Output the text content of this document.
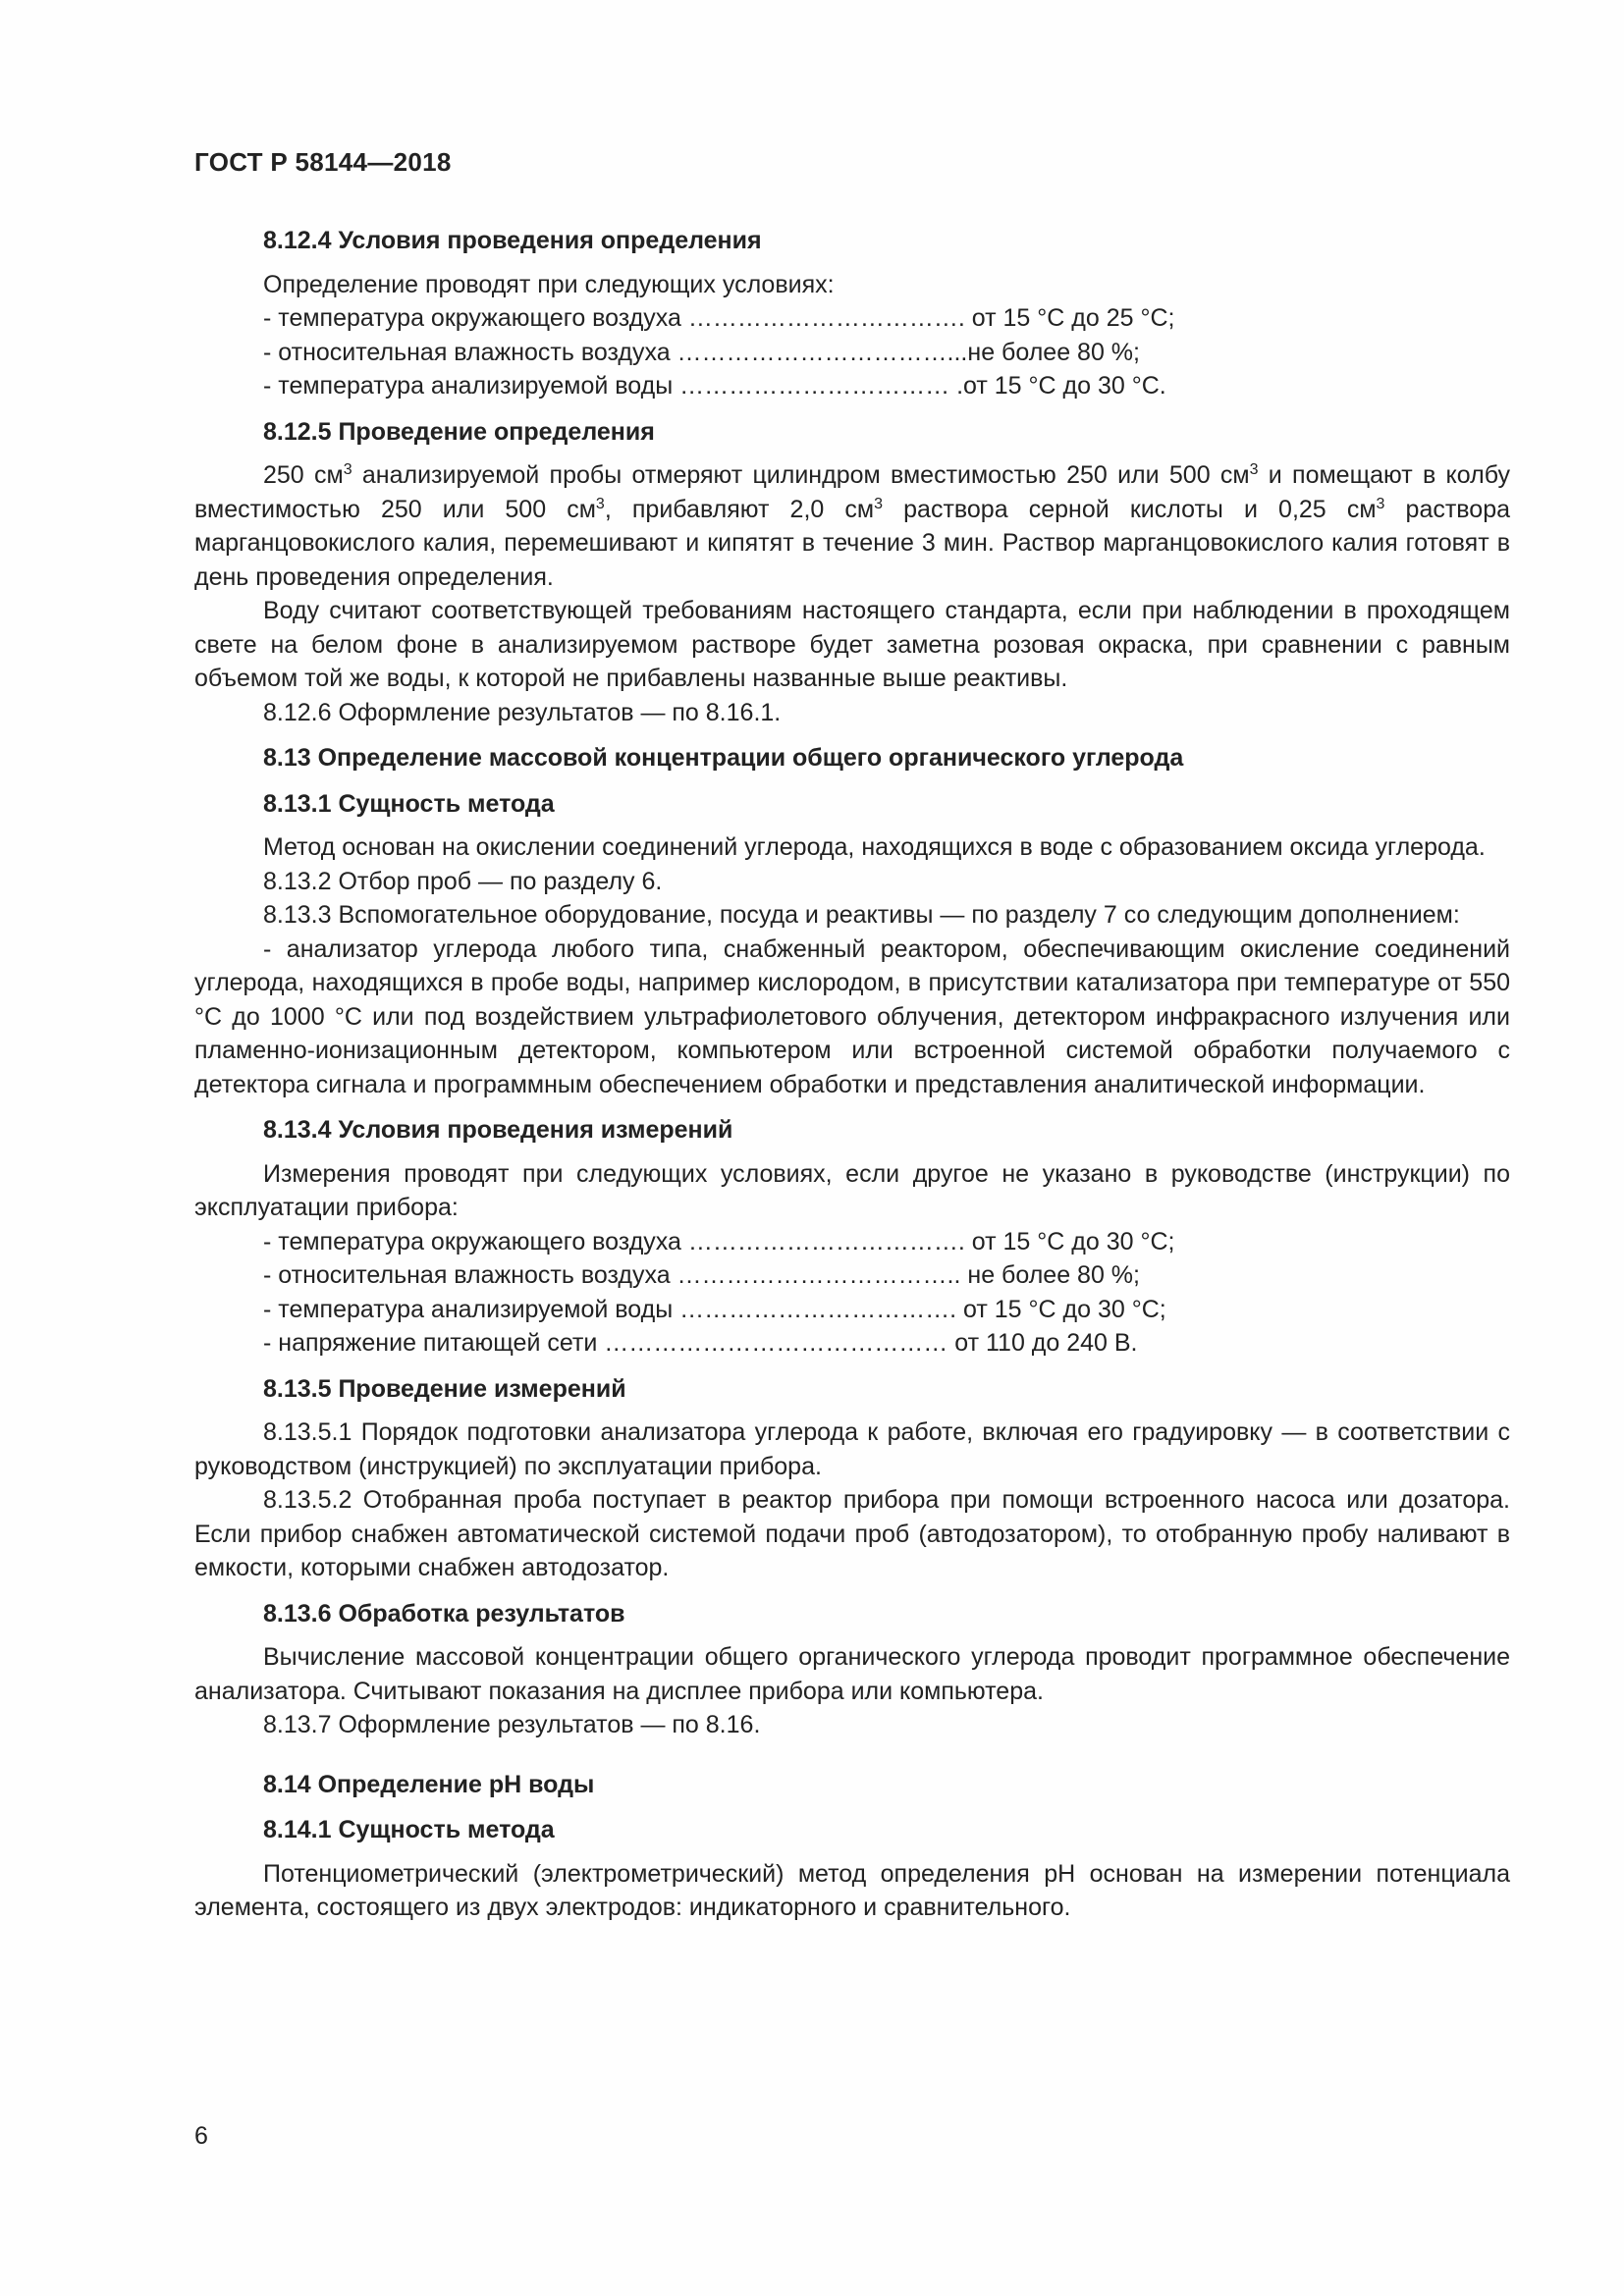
ГОСТ Р 58144—2018

8.12.4 Условия проведения определения

Определение проводят при следующих условиях:

- температура окружающего воздуха ……………………………. от 15 °С до 25 °С;
- относительная влажность воздуха ……………………………...не более 80 %;
- температура анализируемой воды …………………………… .от 15 °С до 30 °С.

8.12.5 Проведение определения

250 $см^3$ анализируемой пробы отмеряют цилиндром вместимостью 250 или 500 $см^3$ и помещают в колбу вместимостью 250 или 500 $см^3$, прибавляют 2,0 $см^3$ раствора серной кислоты и 0,25 $см^3$ раствора марганцовокислого калия, перемешивают и кипятят в течение 3 мин. Раствор марганцовокислого калия готовят в день проведения определения.

Воду считают соответствующей требованиям настоящего стандарта, если при наблюдении в проходящем свете на белом фоне в анализируемом растворе будет заметна розовая окраска, при сравнении с равным объемом той же воды, к которой не прибавлены названные выше реактивы.

8.12.6 Оформление результатов — по 8.16.1.

8.13 Определение массовой концентрации общего органического углерода

8.13.1 Сущность метода

Метод основан на окислении соединений углерода, находящихся в воде с образованием оксида углерода.

8.13.2 Отбор проб — по разделу 6.

8.13.3 Вспомогательное оборудование, посуда и реактивы — по разделу 7 со следующим дополнением:

- анализатор углерода любого типа, снабженный реактором, обеспечивающим окисление соединений углерода, находящихся в пробе воды, например кислородом, в присутствии катализатора при температуре от 550 °С до 1000 °С или под воздействием ультрафиолетового облучения, детектором инфракрасного излучения или пламенно-ионизационным детектором, компьютером или встроенной системой обработки получаемого с детектора сигнала и программным обеспечением обработки и представления аналитической информации.

8.13.4 Условия проведения измерений

Измерения проводят при следующих условиях, если другое не указано в руководстве (инструкции) по эксплуатации прибора:

- температура окружающего воздуха ……………………………. от 15 °С до 30 °С;
- относительная влажность воздуха …………………………….. не более 80 %;
- температура анализируемой воды ……………………………. от 15 °С до 30 °С;
- напряжение питающей сети …………………………………… от 110 до 240 В.

8.13.5 Проведение измерений

8.13.5.1 Порядок подготовки анализатора углерода к работе, включая его градуировку — в соответствии с руководством (инструкцией) по эксплуатации прибора.

8.13.5.2 Отобранная проба поступает в реактор прибора при помощи встроенного насоса или дозатора. Если прибор снабжен автоматической системой подачи проб (автодозатором), то отобранную пробу наливают в емкости, которыми снабжен автодозатор.

8.13.6 Обработка результатов

Вычисление массовой концентрации общего органического углерода проводит программное обеспечение анализатора. Считывают показания на дисплее прибора или компьютера.

8.13.7 Оформление результатов — по 8.16.

8.14 Определение pH воды

8.14.1 Сущность метода

Потенциометрический (электрометрический) метод определения pH основан на измерении потенциала элемента, состоящего из двух электродов: индикаторного и сравнительного.

6
